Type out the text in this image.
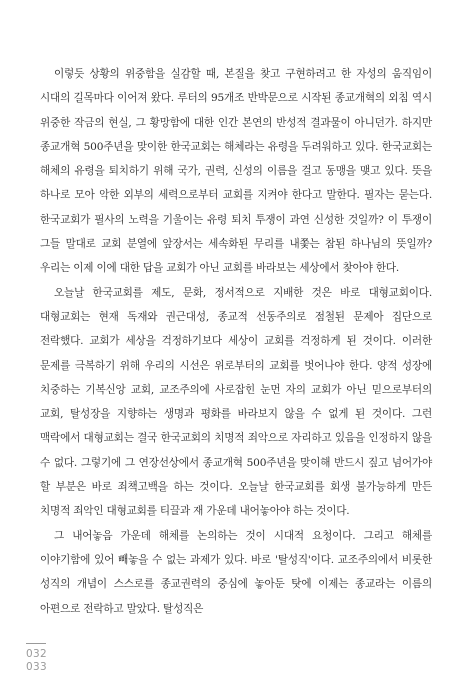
이렇듯 상황의 위중함을 실감할 때, 본질을 찾고 구현하려고 한 자성의 움직임이 시대의 길목마다 이어져 왔다. 루터의 95개조 반박문으로 시작된 종교개혁의 외침 역시 위중한 작금의 현실, 그 황망함에 대한 인간 본연의 반성적 결과물이 아니던가. 하지만 종교개혁 500주년을 맞이한 한국교회는 해체라는 유령을 두려워하고 있다. 한국교회는 해체의 유령을 퇴치하기 위해 국가, 권력, 신성의 이름을 걸고 동맹을 맺고 있다. 뜻을 하나로 모아 악한 외부의 세력으로부터 교회를 지켜야 한다고 말한다. 필자는 묻는다. 한국교회가 필사의 노력을 기울이는 유령 퇴치 투쟁이 과연 신성한 것일까? 이 투쟁이 그들 말대로 교회 분열에 앞장서는 세속화된 무리를 내쫓는 참된 하나님의 뜻일까? 우리는 이제 이에 대한 답을 교회가 아닌 교회를 바라보는 세상에서 찾아야 한다.

오늘날 한국교회를 제도, 문화, 정서적으로 지배한 것은 바로 대형교회이다. 대형교회는 현재 독재와 권근대성, 종교적 선동주의로 점철된 문제아 집단으로 전락했다. 교회가 세상을 걱정하기보다 세상이 교회를 걱정하게 된 것이다. 이러한 문제를 극복하기 위해 우리의 시선은 위로부터의 교회를 벗어나야 한다. 양적 성장에 치중하는 기복신앙 교회, 교조주의에 사로잡힌 눈먼 자의 교회가 아닌 믿으로부터의 교회, 탈성장을 지향하는 생명과 평화를 바라보지 않을 수 없게 된 것이다. 그런 맥락에서 대형교회는 결국 한국교회의 치명적 죄악으로 자리하고 있음을 인정하지 않을 수 없다. 그렇기에 그 연장선상에서 종교개혁 500주년을 맞이해 반드시 짚고 넘어가야 할 부분은 바로 죄책고백을 하는 것이다. 오늘날 한국교회를 회생 불가능하게 만든 치명적 죄악인 대형교회를 티끌과 재 가운데 내어놓아야 하는 것이다.

그 내어놓음 가운데 해체를 논의하는 것이 시대적 요청이다. 그리고 해체를 이야기함에 있어 빼놓을 수 없는 과제가 있다. 바로 '탈성직'이다. 교조주의에서 비롯한 성직의 개념이 스스로를 종교권력의 중심에 놓아둔 탓에 이제는 종교라는 이름의 아편으로 전락하고 말았다. 탈성직은

032
033
